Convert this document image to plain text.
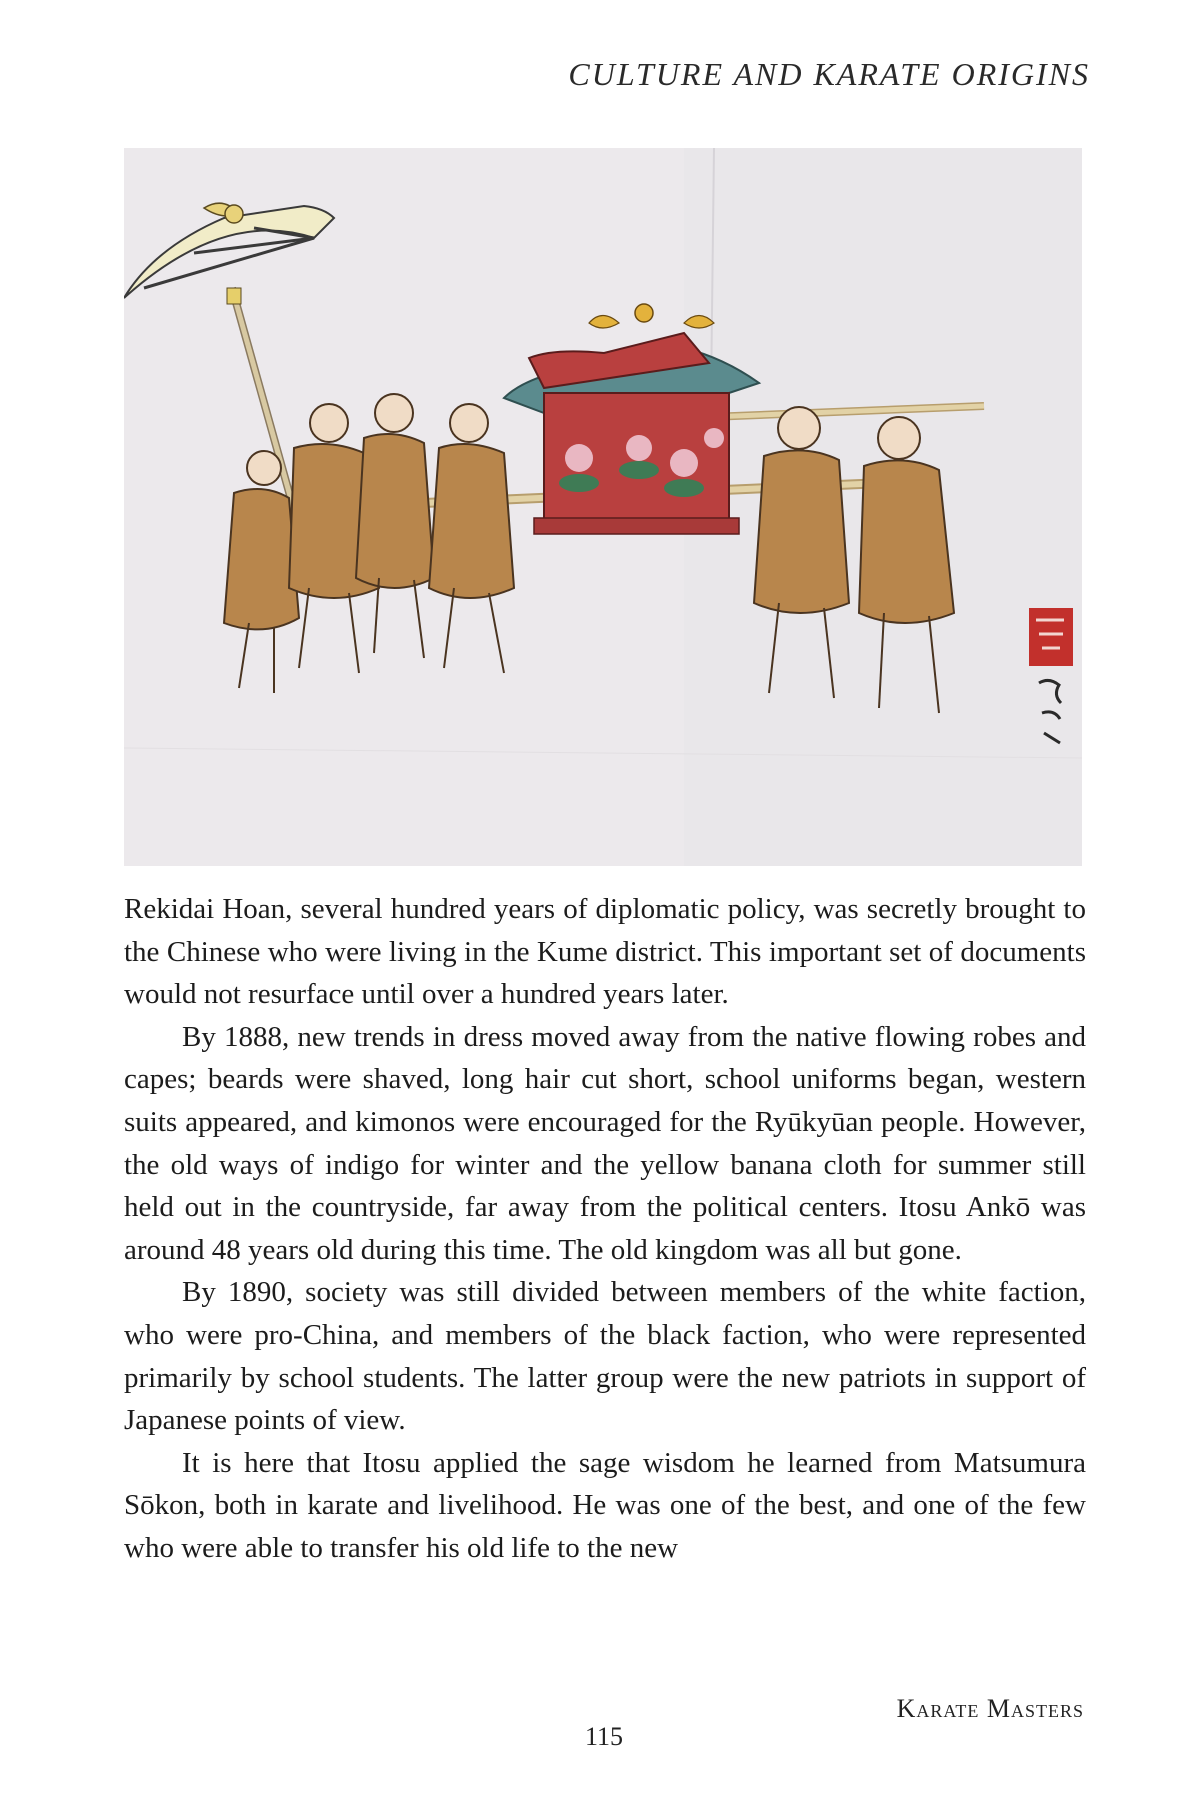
CULTURE AND KARATE ORIGINS

Rekidai Hoan, several hundred years of diplomatic policy, was secretly brought to the Chinese who were living in the Kume district. This important set of documents would not resurface until over a hundred years later.

By 1888, new trends in dress moved away from the native flowing robes and capes; beards were shaved, long hair cut short, school uniforms began, western suits appeared, and kimonos were encouraged for the Ryūkyūan people. However, the old ways of indigo for winter and the yellow banana cloth for summer still held out in the countryside, far away from the political centers. Itosu Ankō was around 48 years old during this time. The old kingdom was all but gone.

By 1890, society was still divided between members of the white faction, who were pro-China, and members of the black faction, who were represented primarily by school students. The latter group were the new patriots in support of Japanese points of view.

It is here that Itosu applied the sage wisdom he learned from Matsumura Sōkon, both in karate and livelihood. He was one of the best, and one of the few who were able to transfer his old life to the new

115
Karate Masters
